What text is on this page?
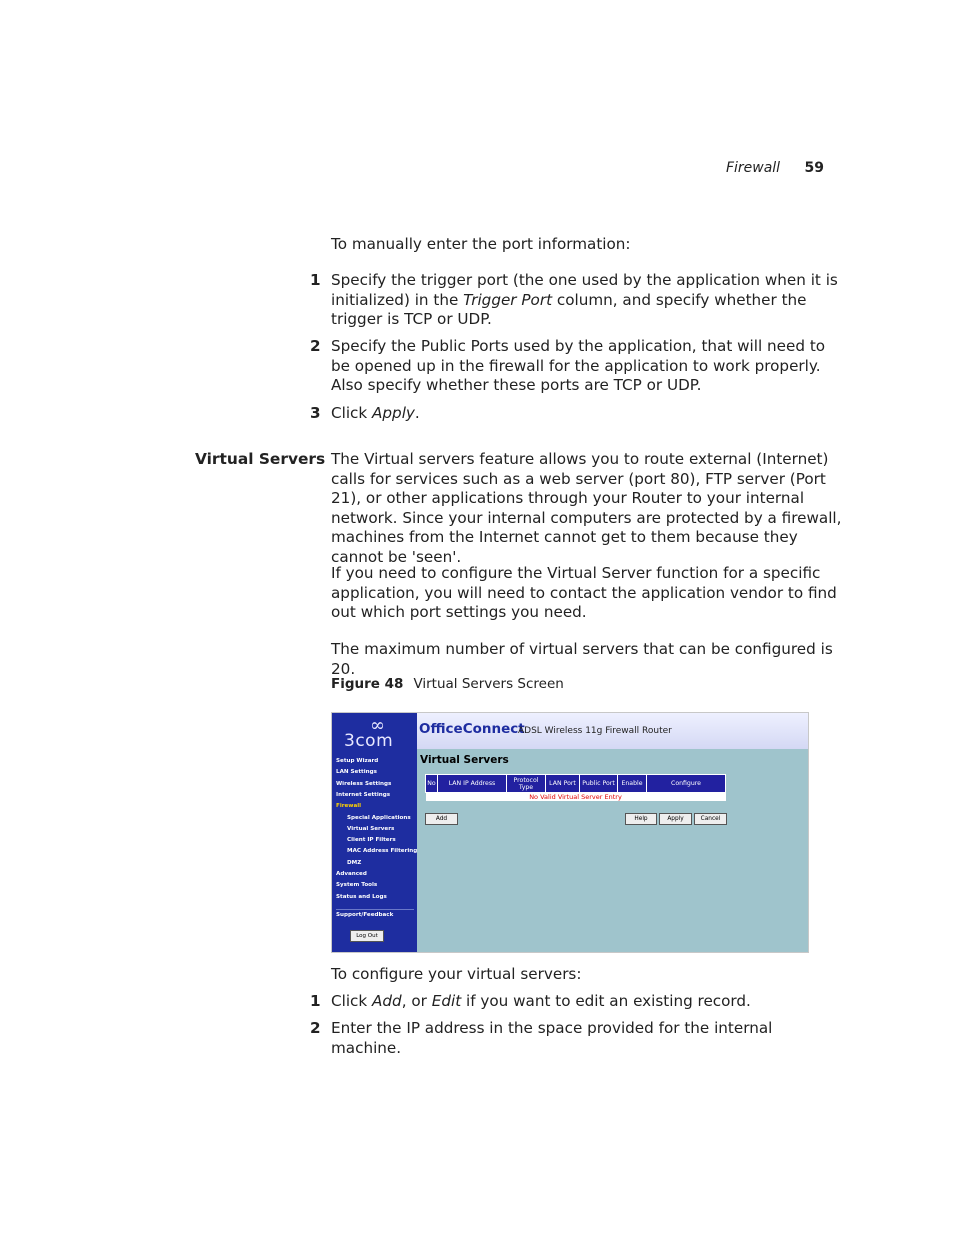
Firewall 59
To manually enter the port information:
1 Specify the trigger port (the one used by the application when it is initialized) in the Trigger Port column, and specify whether the trigger is TCP or UDP.
2 Specify the Public Ports used by the application, that will need to be opened up in the firewall for the application to work properly. Also specify whether these ports are TCP or UDP.
3 Click Apply.
Virtual Servers The Virtual servers feature allows you to route external (Internet) calls for services such as a web server (port 80), FTP server (Port 21), or other applications through your Router to your internal network. Since your internal computers are protected by a firewall, machines from the Internet cannot get to them because they cannot be 'seen'.
If you need to configure the Virtual Server function for a specific application, you will need to contact the application vendor to find out which port settings you need.
The maximum number of virtual servers that can be configured is 20.
Figure 48 Virtual Servers Screen
∞
3com
Setup Wizard
LAN Settings
Wireless Settings
Internet Settings
Firewall
Special Applications
Virtual Servers
Client IP Filters
MAC Address Filtering
DMZ
Advanced
System Tools
Status and Logs
Support/Feedback
Log Out
OfficeConnect
ADSL Wireless 11g Firewall Router
Virtual Servers
No	LAN IP Address	Protocol Type	LAN Port	Public Port	Enable	Configure
No Valid Virtual Server Entry
Add	Help	Apply	Cancel
To configure your virtual servers:
1 Click Add, or Edit if you want to edit an existing record.
2 Enter the IP address in the space provided for the internal machine.
